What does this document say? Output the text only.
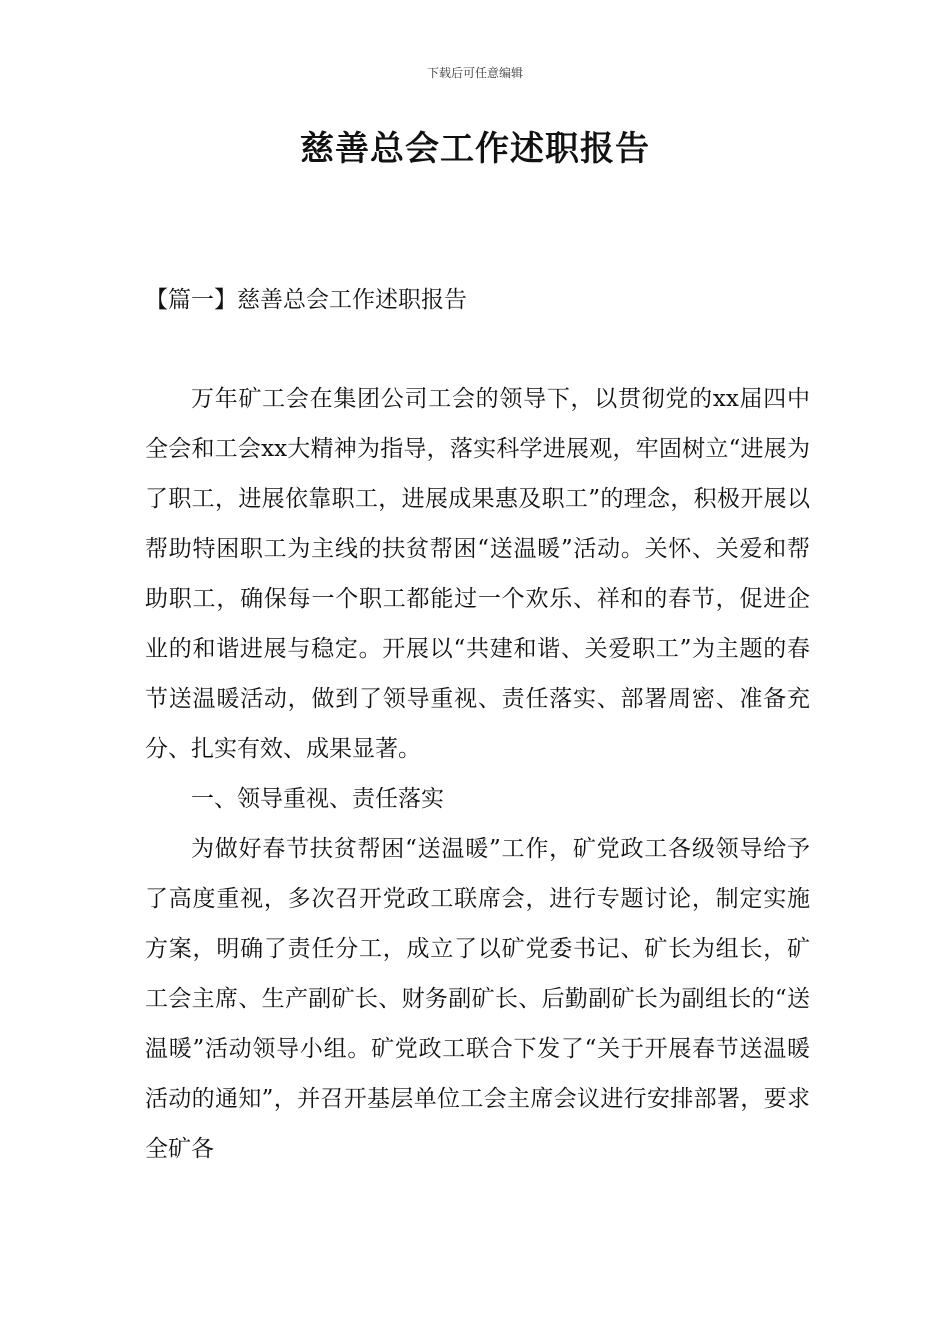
下载后可任意编辑
慈善总会工作述职报告
【篇一】慈善总会工作述职报告

万年矿工会在集团公司工会的领导下，以贯彻党的xx届四中全会和工会xx大精神为指导，落实科学进展观，牢固树立“进展为了职工，进展依靠职工，进展成果惠及职工”的理念，积极开展以帮助特困职工为主线的扶贫帮困“送温暖”活动。关怀、关爱和帮助职工，确保每一个职工都能过一个欢乐、祥和的春节，促进企业的和谐进展与稳定。开展以“共建和谐、关爱职工”为主题的春节送温暖活动，做到了领导重视、责任落实、部署周密、准备充分、扎实有效、成果显著。

一、领导重视、责任落实

为做好春节扶贫帮困“送温暖”工作，矿党政工各级领导给予了高度重视，多次召开党政工联席会，进行专题讨论，制定实施方案，明确了责任分工，成立了以矿党委书记、矿长为组长，矿工会主席、生产副矿长、财务副矿长、后勤副矿长为副组长的“送温暖”活动领导小组。矿党政工联合下发了“关于开展春节送温暖活动的通知”，并召开基层单位工会主席会议进行安排部署，要求全矿各
